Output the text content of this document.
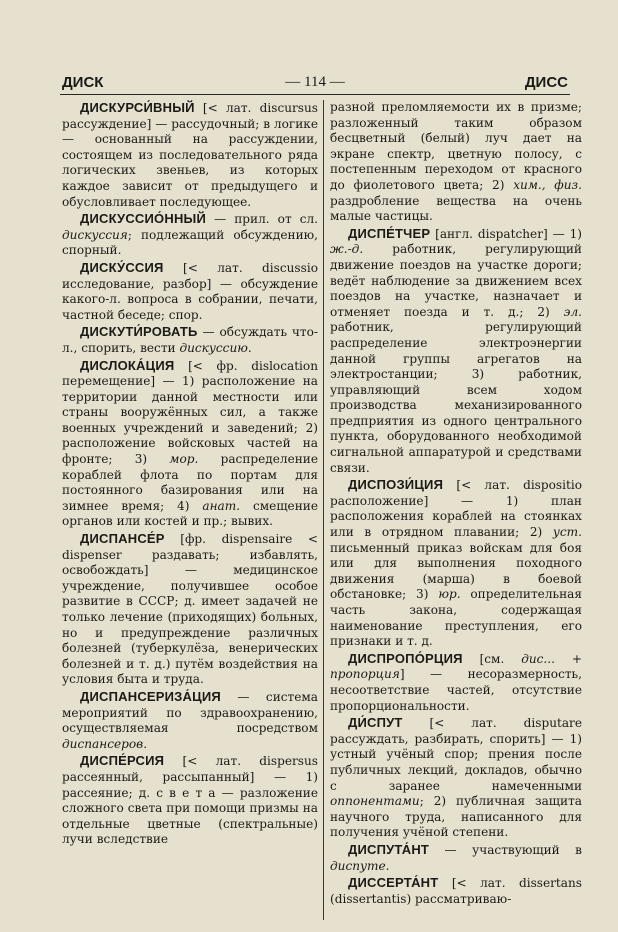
ДИСК	— 114 —	ДИСС

ДИСКУРСИ́ВНЫЙ [< лат. discursus рассуждение] — рассудочный; в логике — основанный на рассуждении, состоящем из последовательного ряда логических звеньев, из которых каждое зависит от предыдущего и обусловливает последующее.

ДИСКУССИО́ННЫЙ — прил. от сл. дискуссия; подлежащий обсуждению, спорный.

ДИСКУ́ССИЯ [< лат. discussio исследование, разбор] — обсуждение какого-л. вопроса в собрании, печати, частной беседе; спор.

ДИСКУТИ́РОВАТЬ — обсуждать что-л., спорить, вести дискуссию.

ДИСЛОКА́ЦИЯ [< фр. dislocation перемещение] — 1) расположение на территории данной местности или страны вооружённых сил, а также военных учреждений и заведений; 2) расположение войсковых частей на фронте; 3) мор. распределение кораблей флота по портам для постоянного базирования или на зимнее время; 4) анат. смещение органов или костей и пр.; вывих.

ДИСПАНСЕ́Р [фр. dispensaire < dispenser раздавать; избавлять, освобождать] — медицинское учреждение, получившее особое развитие в СССР; д. имеет задачей не только лечение (приходящих) больных, но и предупреждение различных болезней (туберкулёза, венерических болезней и т. д.) путём воздействия на условия быта и труда.

ДИСПАНСЕРИЗА́ЦИЯ — система мероприятий по здравоохранению, осуществляемая посредством диспансеров.

ДИСПЕ́РСИЯ [< лат. dispersus рассеянный, рассыпанный] — 1) рассеяние; д. с в е т а — разложение сложного света при помощи призмы на отдельные цветные (спектральные) лучи вследствие

разной преломляемости их в призме; разложенный таким образом бесцветный (белый) луч дает на экране спектр, цветную полосу, с постепенным переходом от красного до фиолетового цвета; 2) хим., физ. раздробление вещества на очень малые частицы.

ДИСПЕ́ТЧЕР [англ. dispatcher] — 1) ж.-д. работник, регулирующий движение поездов на участке дороги; ведёт наблюдение за движением всех поездов на участке, назначает и отменяет поезда и т. д.; 2) эл. работник, регулирующий распределение электроэнергии данной группы агрегатов на электростанции; 3) работник, управляющий всем ходом производства механизированного предприятия из одного центрального пункта, оборудованного необходимой сигнальной аппаратурой и средствами связи.

ДИСПОЗИ́ЦИЯ [< лат. dispositio расположение] — 1) план расположения кораблей на стоянках или в отрядном плавании; 2) уст. письменный приказ войскам для боя или для выполнения походного движения (марша) в боевой обстановке; 3) юр. определительная часть закона, содержащая наименование преступления, его признаки и т. д.

ДИСПРОПО́РЦИЯ [см. дис... + пропорция] — несоразмерность, несоответствие частей, отсутствие пропорциональности.

ДИ́СПУТ [< лат. disputare рассуждать, разбирать, спорить] — 1) устный учёный спор; прения после публичных лекций, докладов, обычно с заранее намеченными оппонентами; 2) публичная защита научного труда, написанного для получения учёной степени.

ДИСПУТА́НТ — участвующий в диспуте.

ДИССЕРТА́НТ [< лат. dissertans (dissertantis) рассматриваю-
